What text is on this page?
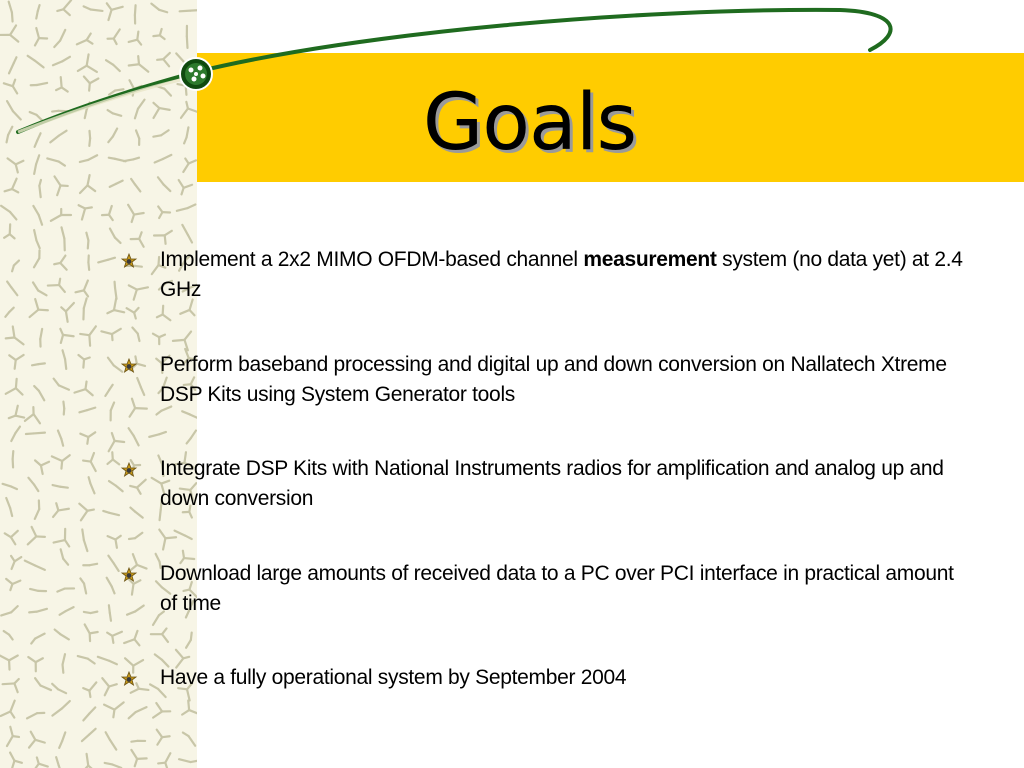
Goals
Implement a 2x2 MIMO OFDM-based channel measurement system (no data yet) at 2.4 GHz
Perform baseband processing and digital up and down conversion on Nallatech Xtreme DSP Kits using System Generator tools
Integrate DSP Kits with National Instruments radios for amplification and analog up and down conversion
Download large amounts of received data to a PC over PCI interface in practical amount of time
Have a fully operational system by September 2004
